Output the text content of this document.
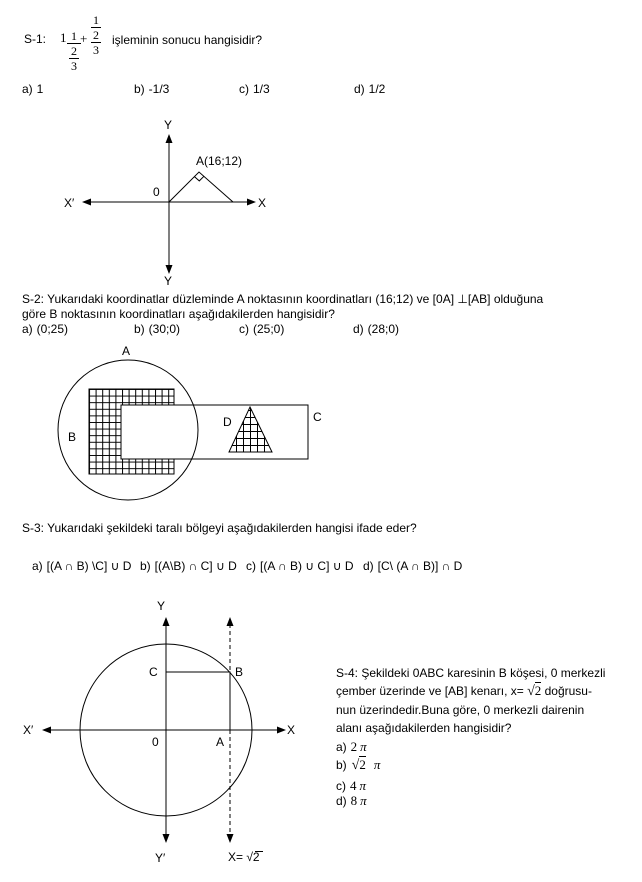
S-1: $1 \frac{1}{\frac{2}{3}} + \frac{\frac{1}{2}}{3}$ işleminin sonucu hangisidir?
a) 1	b) -1/3	c) 1/3	d) 1/2
Y
Y
X′	X
0
A(16;12)
S-2: Yukarıdaki koordinatlar düzleminde A noktasının koordinatları (16;12) ve [0A] ⊥[AB] olduğuna
göre B noktasının koordinatları aşağıdakilerden hangisidir?
a) (0;25)	b) (30;0)	c) (25;0)	d) (28;0)
A
B
C
D
S-3: Yukarıdaki şekildeki taralı bölgeyi aşağıdakilerden hangisi ifade eder?
a) [(A ∩ B) \C] ∪ D b) [(A\B) ∩ C] ∪ D c) [(A ∩ B) ∪ C] ∪ D d) [C\ (A ∩ B)] ∩ D
Y
Y′
X′	X
0	A
C	B
X= √2
S-4: Şekildeki 0ABC karesinin B köşesi, 0 merkezli
çember üzerinde ve [AB] kenarı, x= √2 doğrusu-
nun üzerindedir.Buna göre, 0 merkezli dairenin
alanı aşağıdakilerden hangisidir?
a) 2 π
b) √2 π
c) 4 π
d) 8 π
